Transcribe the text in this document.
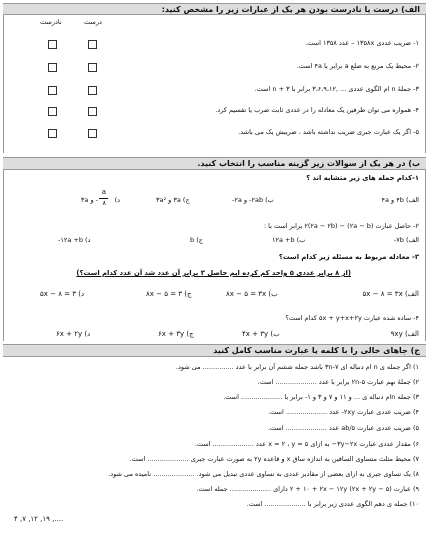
الف) درست یا نادرست بودن هر یک از عبارات زیر را مشخص کنید:
درست
نادرست
۱- ضریب عددی ۱۳۵۸x – عدد ۱۳۵۸ است.
۲- محیط یک مربع به ضلع a برابر با ۴a است.
۳- جملهٔ n ام الگوی عددی ... ,۳،۶،۹،۱۲ برابر با ۳ + n است.
۴- همواره می توان طرفین یک معادله را در عددی ثابت ضرب یا تقسیم کرد.
۵- اگر یک عبارت جبری ضریب نداشته باشد ، ضریبش یک می باشد.
ب) در هر یک از سوالات زیر گزینه مناسب را انتخاب کنید.
۱-کدام جمله های زیر متشابه اند ؟
الف) ۴b و ۴a
ب) ۲ab- و ۲a-
ج) ۳a و ۳a²
د)
a
۸
- و ۳a
۲- حاصل عبارت (۲a − b) − ۲(۲a − ۲b) برابر است با :
الف) ۷b-
ب) ۱۲a +b
ج) b
د) ۱۲a +b-
۳- معادله مربوط به مسئله زیر کدام است؟
(از ۸ برابر عددی ۵ واحد کم کرده ایم حاصل ۳ برابر آن عدد شد آن عدد کدام است؟)
الف) ۵x − ۸ = ۳x
ب) ۸x − ۵ = ۳x
ج) ۸x − ۵ = ۳
د) ۵x − ۸ = ۳
۴- ساده شده عبارت ۵x + y+x+۲y کدام است؟
الف) ۹xy
ب) ۴x + ۳y
ج) ۶x + ۳y
د) ۶x + ۲y
ج) جاهای خالی را با کلمه یا عبارت مناسب کامل کنید
۱) اگر جمله ی n ام دنباله ای ۷-۳n باشد جمله ششم آن برابر با عدد ............... می شود.
۲) جملهٔ نهم عبارت ۲n-۵ برابر با عدد .................... است.
۳) جمله nام دنباله ی ... و ۱۱ و ۷ و ۳ و ۱- برابر با .................... است.
۴) ضریب عددی عبارت ۲xy- عدد .................... است.
۵) ضریب عددی عبارت ab/۵ عدد .................... است.
۶) مقدار عددی عبارت ۳y−۲x− به ازای x = ۲ ، y = ۵ عدد .................... است.
۷) محیط مثلث متساوی الساقین به اندازه ساق x و قاعده ۲y به صورت عبارت جبری .................... است.
۸) یک تساوی جبری به ازای بعضی از مقادیر عددی به تساوی عددی تبدیل می شود. .................... نامیده می شود.
۹) عبارت (۲x + ۲y − ۵) ۲ + ۱۰ + ۲x − ۱۲y دارای .................... جمله است.
۱۰) جمله ی دهم الگوی عددی زیر برابر با .................... است.
۴ ,۷ ,۱۲ ,۱۹ ,....
